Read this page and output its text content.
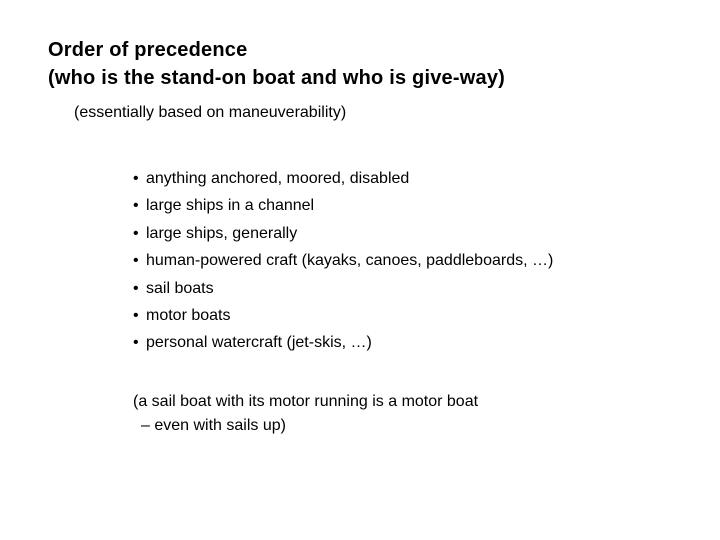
Order of precedence
(who is the stand-on boat and who is give-way)
(essentially based on maneuverability)
• anything anchored, moored, disabled
• large ships in a channel
• large ships, generally
• human-powered craft (kayaks, canoes, paddleboards, …)
• sail boats
• motor boats
• personal watercraft (jet-skis, …)
(a sail boat with its motor running is a motor boat
– even with sails up)
